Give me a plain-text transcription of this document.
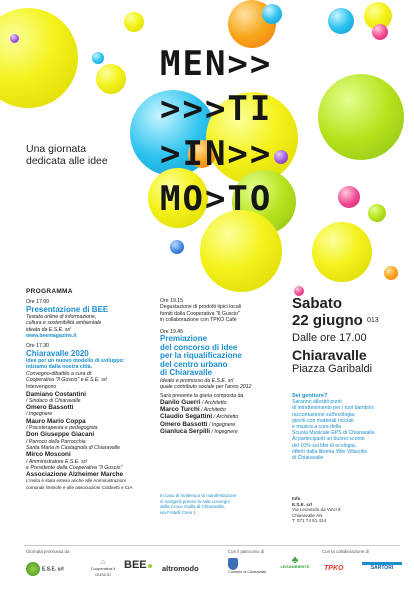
MEN>>
>>>TI
>IN>>
MO>TO
Una giornata
dedicata alle idee
PROGRAMMA
Ore 17.00
Presentazione di BEE
Testata online di informazione,
cultura e sostenibilità ambientale
ideata da E.S.E. srl
www.beemagazine.it
Ore 17.30
Chiaravalle 2020
Idee per un nuovo modello di sviluppo:
iniziamo dalla nostra città.
Convegno-dibattito a cura di:
Cooperativa "Il Guscio" e E.S.E. srl
Intervengono
Damiano Costantini
/ Sindaco di Chiaravalle
Omero Bassotti
/ Ingegnere
Mauro Mario Coppa
/ Psicoterapeuta e pedagogista
Don Giuseppe Giacani
/ Parroco della Parrocchia
Santa Maria in Castagnola di Chiaravalle
Mirco Mosconi
/ Amministratore E.S.E. srl
e Presidente della Cooperativa "Il Guscio"
Associazione Alzheimer Marche
L'invito è stato esteso anche alle Amministrazioni
comunali limitrofe e alle associazioni Coldiretti e CIA
Ore 19.15
Degustazione di prodotti tipici locali
forniti dalla Cooperativa "Il Guscio"
in collaborazione con TPKO Cafè
Ore 19.45
Premiazione
del concorso di idee
per la riqualificazione
del centro urbano
di Chiaravalle
Ideato e promosso da E.S.E. srl
quale contributo sociale per l'anno 2012
Sarà presente la giuria composta da
Danilo Guerri / Architetto
Marco Turchi / Architetto
Claudio Segattini / Architetto
Omero Bassotti / Ingegnere
Gianluca Serpilli / Ingegnere
In caso di maltempo la manifestazione
si svolgerà presso la sala convegni
della Croce Gialla di Chiaravalle,
via Fratelli Cervi 1
Sabato
22 giugno $^{013}$
Dalle ore 17.00
Chiaravalle
Piazza Garibaldi
Sei genitore?
Saranno allestiti punti
di intrattenimento per i tuoi bambini:
raccontastorie sull'ecologia,
giochi con materiali riciclati
e musica a cura della
Scuola Musicale EPS di Chiaravalle.
Ai partecipanti un buono sconto
del 10% sui libri di ecologia,
offerti dalla libreria Ville Villacolle
di Chiaravalle
Info
E.S.E. srl
Via Leonardo da Vinci 8
Chiaravalle AN
T. 071 74 51 414
Giornata promossa da	Con il patrocinio di	Con la collaborazione di
E.S.E. srl
⌂
Cooperativa il GUSCIO
BEE	altromodo	Comune di Chiaravalle
♣
LEGAMBIENTE	TPKO	SARTORI
